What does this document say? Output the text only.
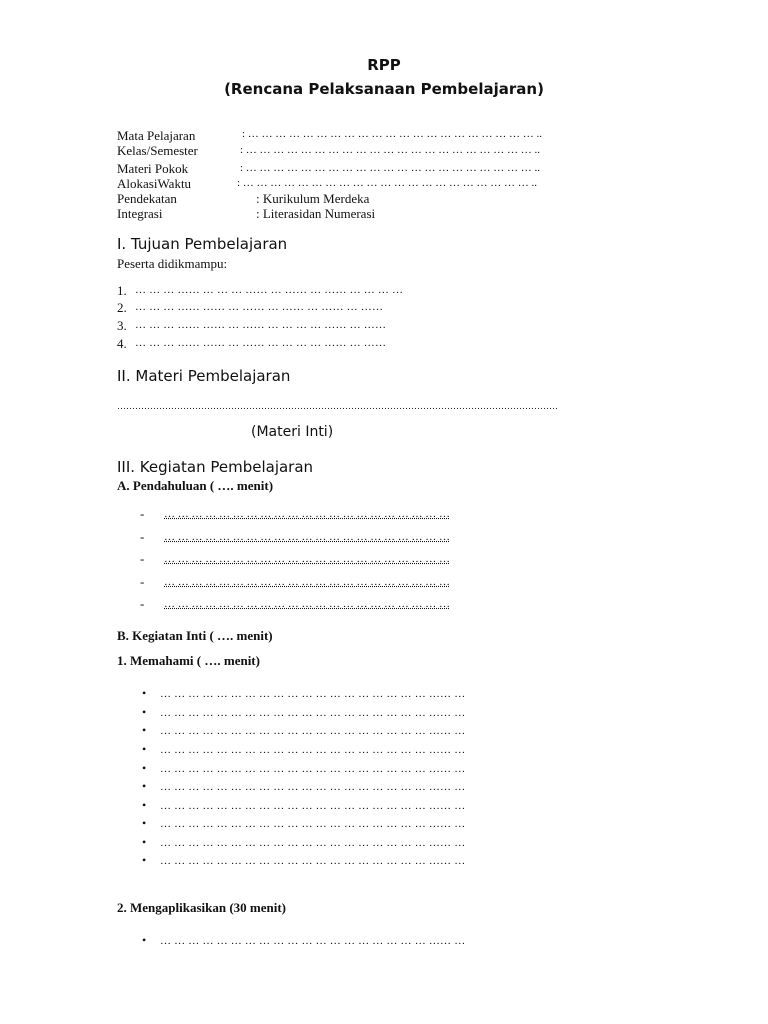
RPP
(Rencana Pelaksanaan Pembelajaran)
Mata Pelajaran	: … … … … … … … … … … … … … … … … … … … … … ..
Kelas/Semester	: … … … … … … … … … … … … … … … … … … … … … ..
Materi Pokok	: … … … … … … … … … … … … … … … … … … … … … ..
AlokasiWaktu	: … … … … … … … … … … … … … … … … … … … … … ..
Pendekatan	: Kurikulum Merdeka
Integrasi	: Literasidan Numerasi
I. Tujuan Pembelajaran
Peserta didikmampu:
1. … … … …… … … … …… … …… … …… … … … …
2. … … … …… …… … …… … …… … …… … ……
3. … … … …… …… … …… … … … … …… … ……
4. … … … …… …… … …… … … … … …… … ……
II. Materi Pembelajaran
…………………………………………………………………………………………………………………………………
(Materi Inti)
III. Kegiatan Pembelajaran
A. Pendahuluan ( …. menit)
- … … … … … … … … … … … … … … … … … … … … …
- … … … … … … … … … … … … … … … … … … … … …
- … … … … … … … … … … … … … … … … … … … … …
- … … … … … … … … … … … … … … … … … … … … …
- … … … … … … … … … … … … … … … … … … … … …
B. Kegiatan Inti ( …. menit)
1. Memahami ( …. menit)
• … … … … … … … … … … … … … … … … … … … …… …
• … … … … … … … … … … … … … … … … … … … …… …
• … … … … … … … … … … … … … … … … … … … …… …
• … … … … … … … … … … … … … … … … … … … …… …
• … … … … … … … … … … … … … … … … … … … …… …
• … … … … … … … … … … … … … … … … … … … …… …
• … … … … … … … … … … … … … … … … … … … …… …
• … … … … … … … … … … … … … … … … … … … …… …
• … … … … … … … … … … … … … … … … … … … …… …
• … … … … … … … … … … … … … … … … … … … …… …
2. Mengaplikasikan (30 menit)
• … … … … … … … … … … … … … … … … … … … …… …
